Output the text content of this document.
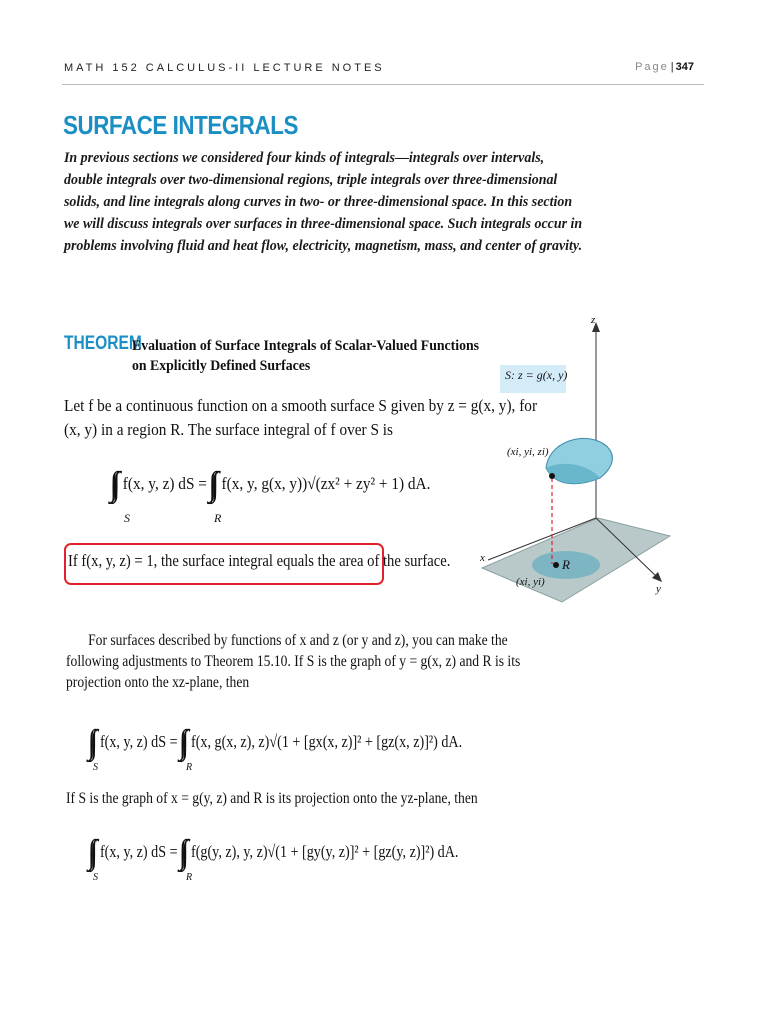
MATH 152 CALCULUS-II LECTURE NOTES	Page | 347
SURFACE INTEGRALS
In previous sections we considered four kinds of integrals—integrals over intervals,
double integrals over two-dimensional regions, triple integrals over three-dimensional
solids, and line integrals along curves in two- or three-dimensional space. In this section
we will discuss integrals over surfaces in three-dimensional space. Such integrals occur in
problems involving fluid and heat flow, electricity, magnetism, mass, and center of gravity.
THEOREM
Evaluation of Surface Integrals of Scalar-Valued Functions
on Explicitly Defined Surfaces
Let f be a continuous function on a smooth surface S given by z = g(x, y), for
(x, y) in a region R. The surface integral of f over S is
f(x, y, z) dS = f(x, y, g(x, y))√(zx² + zy² + 1) dA.
S	R
If f(x, y, z) = 1, the surface integral equals the area of the surface.
S: z = g(x, y)
z
(xi, yi, zi)
x	R
(xi, yi)
y
For surfaces described by functions of x and z (or y and z), you can make the
following adjustments to Theorem 15.10. If S is the graph of y = g(x, z) and R is its
projection onto the xz-plane, then
f(x, y, z) dS = f(x, g(x, z), z)√(1 + [gx(x, z)]² + [gz(x, z)]²) dA.
S	R
If S is the graph of x = g(y, z) and R is its projection onto the yz-plane, then
f(x, y, z) dS = f(g(y, z), y, z)√(1 + [gy(y, z)]² + [gz(y, z)]²) dA.
S	R
